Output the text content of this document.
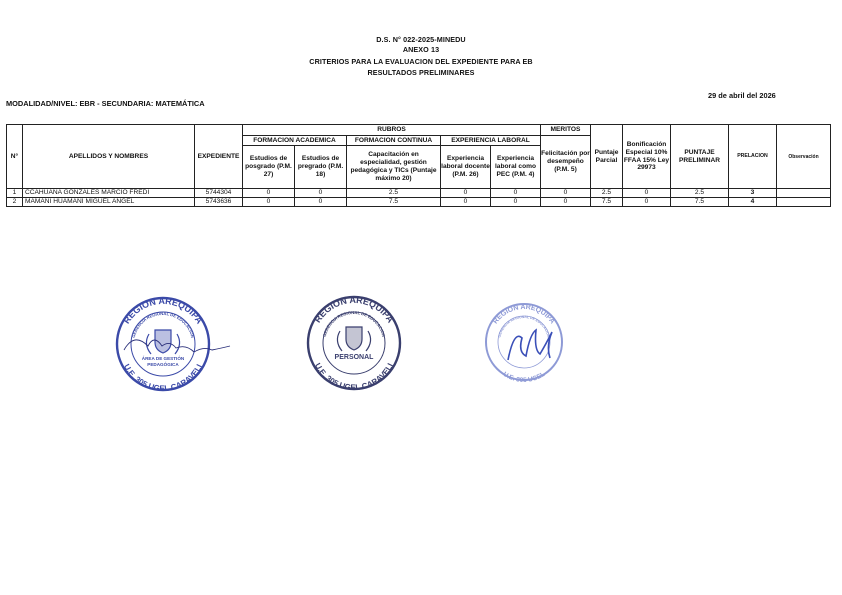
D.S. N° 022-2025-MINEDU
ANEXO 13
CRITERIOS PARA LA EVALUACION DEL EXPEDIENTE PARA EB
RESULTADOS PRELIMINARES
MODALIDAD/NIVEL: EBR - SECUNDARIA: MATEMÁTICA
29 de abril del 2026
N°	APELLIDOS Y NOMBRES	EXPEDIENTE	RUBROS					MERITOS	Puntaje Parcial	Bonificación Especial 10% FFAA 15% Ley 29973	PUNTAJE PRELIMINAR	PRELACION	Observación
			FORMACION ACADEMICA		FORMACION CONTINUA	EXPERIENCIA LABORAL		Felicitación por desempeño (P.M. 5)					
			Estudios de posgrado (P.M. 27)	Estudios de pregrado (P.M. 18)	Capacitación en especialidad, gestión pedagógica y TICs (Puntaje máximo 20)	Experiencia laboral docente (P.M. 26)	Experiencia laboral como PEC (P.M. 4)						
1	CCAHUANA GONZALES MARCIO FREDI	5744304	0	0	2.5	0	0	0	2.5	0	2.5	3	
2	MAMANI HUAMANI MIGUEL ANGEL	5743636	0	0	7.5	0	0	0	7.5	0	7.5	4	
REGION AREQUIPA
GERENCIA REGIONAL DE EDUCACION
U.E. 305 UGEL CARAVELI
ÁREA DE GESTIÓN
PEDAGÓGICA
REGION AREQUIPA
GERENCIA REGIONAL DE EDUCACION
U.E. 305 UGEL CARAVELI
PERSONAL
REGION AREQUIPA
GERENCIA REGIONAL DE EDUCACION
U.E. 305 UGEL
